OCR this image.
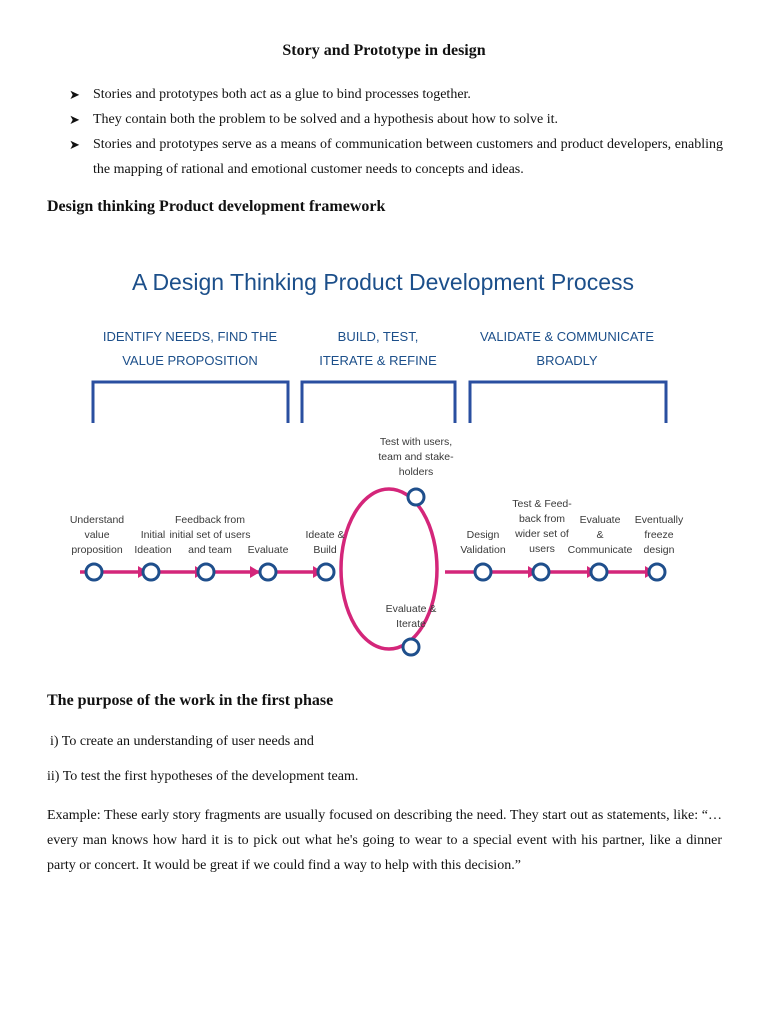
Story and Prototype in design
➤ Stories and prototypes both act as a glue to bind processes together.
➤ They contain both the problem to be solved and a hypothesis about how to solve it.
➤ Stories and prototypes serve as a means of communication between customers and product developers, enabling the mapping of rational and emotional customer needs to concepts and ideas.
Design thinking Product development framework
A Design Thinking Product Development Process
IDENTIFY NEEDS, FIND THE
VALUE PROPOSITION
BUILD, TEST,
ITERATE & REFINE
VALIDATE & COMMUNICATE
BROADLY
Understand
value
proposition
Initial
Ideation
Feedback from
initial set of users
and team Evaluate
Ideate &
Build
Test with users,
team and stake-
holders
Evaluate &
Iterate
Design
Validation
Test & Feed-
back from
wider set of
users
Evaluate
&
Communicate
Eventually
freeze
design
The purpose of the work in the first phase
i) To create an understanding of user needs and
ii) To test the first hypotheses of the development team.
Example: These early story fragments are usually focused on describing the need. They start out as statements, like: “… every man knows how hard it is to pick out what he's going to wear to a special event with his partner, like a dinner party or concert. It would be great if we could find a way to help with this decision.”
